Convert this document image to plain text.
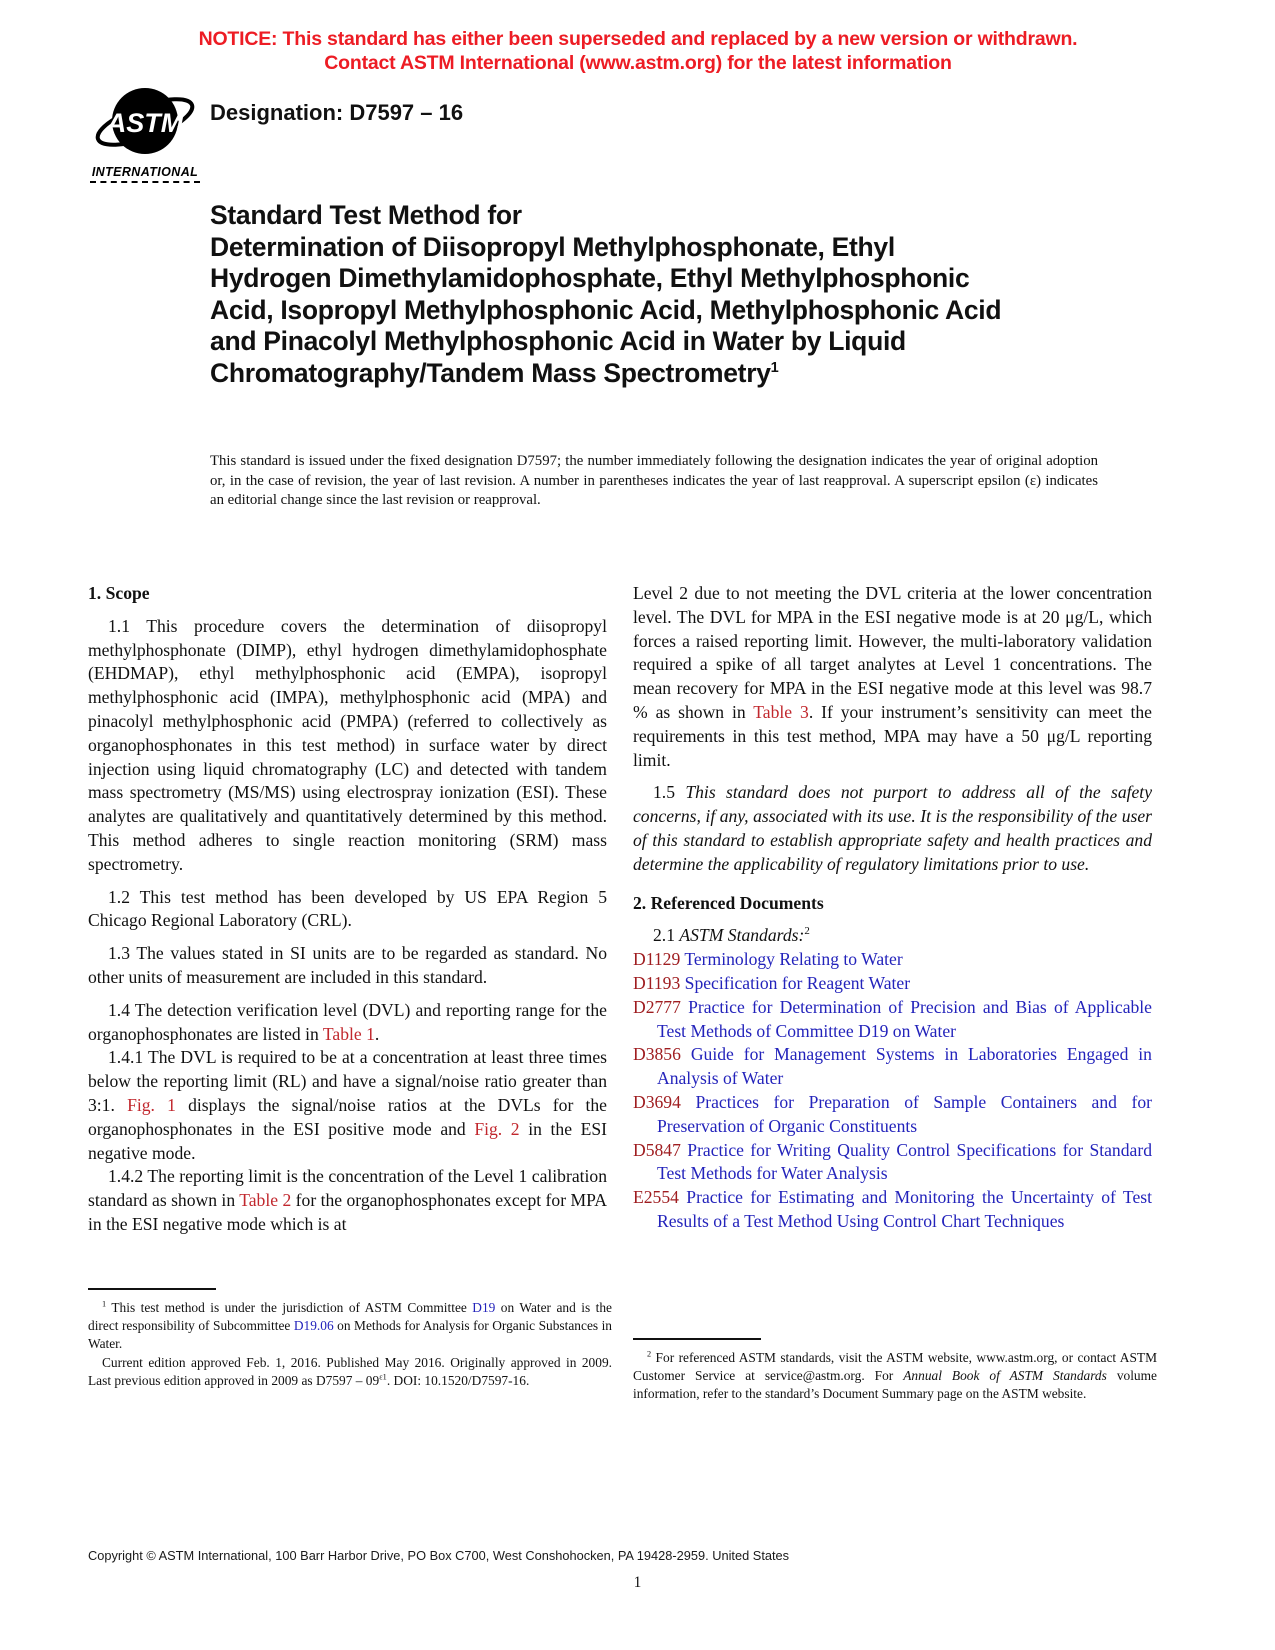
NOTICE: This standard has either been superseded and replaced by a new version or withdrawn.
Contact ASTM International (www.astm.org) for the latest information
ASTM
INTERNATIONAL
Designation: D7597 – 16
Standard Test Method for
Determination of Diisopropyl Methylphosphonate, Ethyl Hydrogen Dimethylamidophosphate, Ethyl Methylphosphonic Acid, Isopropyl Methylphosphonic Acid, Methylphosphonic Acid and Pinacolyl Methylphosphonic Acid in Water by Liquid Chromatography/Tandem Mass Spectrometry$^1$
This standard is issued under the fixed designation D7597; the number immediately following the designation indicates the year of original adoption or, in the case of revision, the year of last revision. A number in parentheses indicates the year of last reapproval. A superscript epsilon (ε) indicates an editorial change since the last revision or reapproval.
1. Scope

1.1 This procedure covers the determination of diisopropyl methylphosphonate (DIMP), ethyl hydrogen dimethylamidophosphate (EHDMAP), ethyl methylphosphonic acid (EMPA), isopropyl methylphosphonic acid (IMPA), methylphosphonic acid (MPA) and pinacolyl methylphosphonic acid (PMPA) (referred to collectively as organophosphonates in this test method) in surface water by direct injection using liquid chromatography (LC) and detected with tandem mass spectrometry (MS/MS) using electrospray ionization (ESI). These analytes are qualitatively and quantitatively determined by this method. This method adheres to single reaction monitoring (SRM) mass spectrometry.

1.2 This test method has been developed by US EPA Region 5 Chicago Regional Laboratory (CRL).

1.3 The values stated in SI units are to be regarded as standard. No other units of measurement are included in this standard.

1.4 The detection verification level (DVL) and reporting range for the organophosphonates are listed in Table 1.

1.4.1 The DVL is required to be at a concentration at least three times below the reporting limit (RL) and have a signal/noise ratio greater than 3:1. Fig. 1 displays the signal/noise ratios at the DVLs for the organophosphonates in the ESI positive mode and Fig. 2 in the ESI negative mode.

1.4.2 The reporting limit is the concentration of the Level 1 calibration standard as shown in Table 2 for the organophosphonates except for MPA in the ESI negative mode which is at

Level 2 due to not meeting the DVL criteria at the lower concentration level. The DVL for MPA in the ESI negative mode is at 20 μg/L, which forces a raised reporting limit. However, the multi-laboratory validation required a spike of all target analytes at Level 1 concentrations. The mean recovery for MPA in the ESI negative mode at this level was 98.7 % as shown in Table 3. If your instrument’s sensitivity can meet the requirements in this test method, MPA may have a 50 μg/L reporting limit.

1.5 This standard does not purport to address all of the safety concerns, if any, associated with its use. It is the responsibility of the user of this standard to establish appropriate safety and health practices and determine the applicability of regulatory limitations prior to use.

2. Referenced Documents

2.1 ASTM Standards:$^2$

D1129 Terminology Relating to Water
D1193 Specification for Reagent Water
D2777 Practice for Determination of Precision and Bias of Applicable Test Methods of Committee D19 on Water
D3856 Guide for Management Systems in Laboratories Engaged in Analysis of Water
D3694 Practices for Preparation of Sample Containers and for Preservation of Organic Constituents
D5847 Practice for Writing Quality Control Specifications for Standard Test Methods for Water Analysis
E2554 Practice for Estimating and Monitoring the Uncertainty of Test Results of a Test Method Using Control Chart Techniques

$^1$ This test method is under the jurisdiction of ASTM Committee D19 on Water and is the direct responsibility of Subcommittee D19.06 on Methods for Analysis for Organic Substances in Water.

Current edition approved Feb. 1, 2016. Published May 2016. Originally approved in 2009. Last previous edition approved in 2009 as $D7597 - 09^{\varepsilon 1}$. DOI: 10.1520/D7597-16.

$^2$ For referenced ASTM standards, visit the ASTM website, www.astm.org, or contact ASTM Customer Service at service@astm.org. For Annual Book of ASTM Standards volume information, refer to the standard’s Document Summary page on the ASTM website.

Copyright © ASTM International, 100 Barr Harbor Drive, PO Box C700, West Conshohocken, PA 19428-2959. United States
1
